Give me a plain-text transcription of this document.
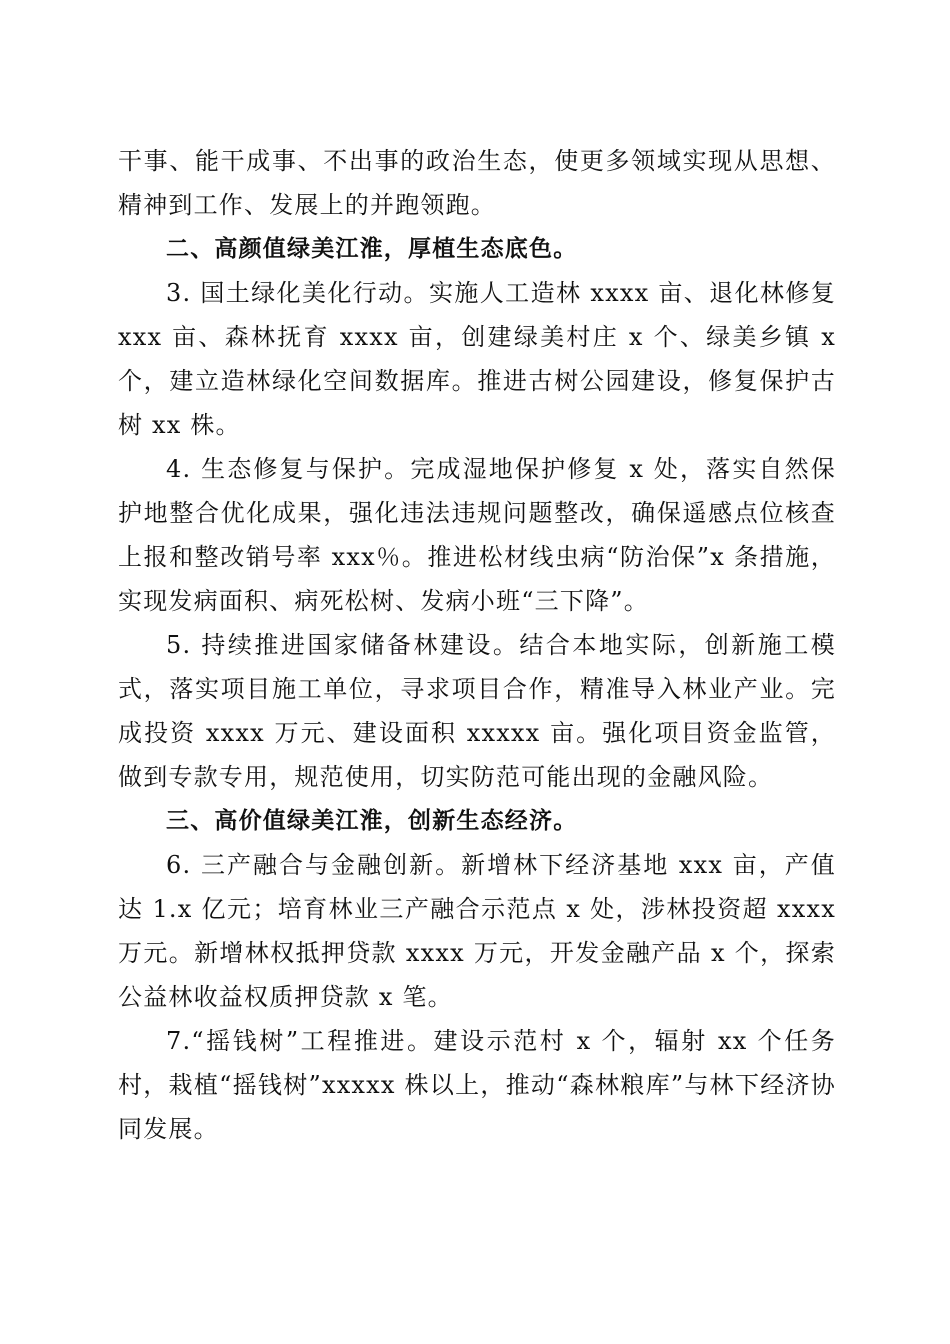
干事、能干成事、不出事的政治生态，使更多领域实现从思想、精神到工作、发展上的并跑领跑。

二、高颜值绿美江淮，厚植生态底色。

3. 国土绿化美化行动。实施人工造林 xxxx 亩、退化林修复 xxx 亩、森林抚育 xxxx 亩，创建绿美村庄 x 个、绿美乡镇 x 个，建立造林绿化空间数据库。推进古树公园建设，修复保护古树 xx 株。

4. 生态修复与保护。完成湿地保护修复 x 处，落实自然保护地整合优化成果，强化违法违规问题整改，确保遥感点位核查上报和整改销号率 xxx％。推进松材线虫病“防治保”x 条措施，实现发病面积、病死松树、发病小班“三下降”。

5. 持续推进国家储备林建设。结合本地实际，创新施工模式，落实项目施工单位，寻求项目合作，精准导入林业产业。完成投资 xxxx 万元、建设面积 xxxxx 亩。强化项目资金监管，做到专款专用，规范使用，切实防范可能出现的金融风险。

三、高价值绿美江淮，创新生态经济。

6. 三产融合与金融创新。新增林下经济基地 xxx 亩，产值达 1.x 亿元；培育林业三产融合示范点 x 处，涉林投资超 xxxx 万元。新增林权抵押贷款 xxxx 万元，开发金融产品 x 个，探索公益林收益权质押贷款 x 笔。

7.“摇钱树”工程推进。建设示范村 x 个，辐射 xx 个任务村，栽植“摇钱树”xxxxx 株以上，推动“森林粮库”与林下经济协同发展。
